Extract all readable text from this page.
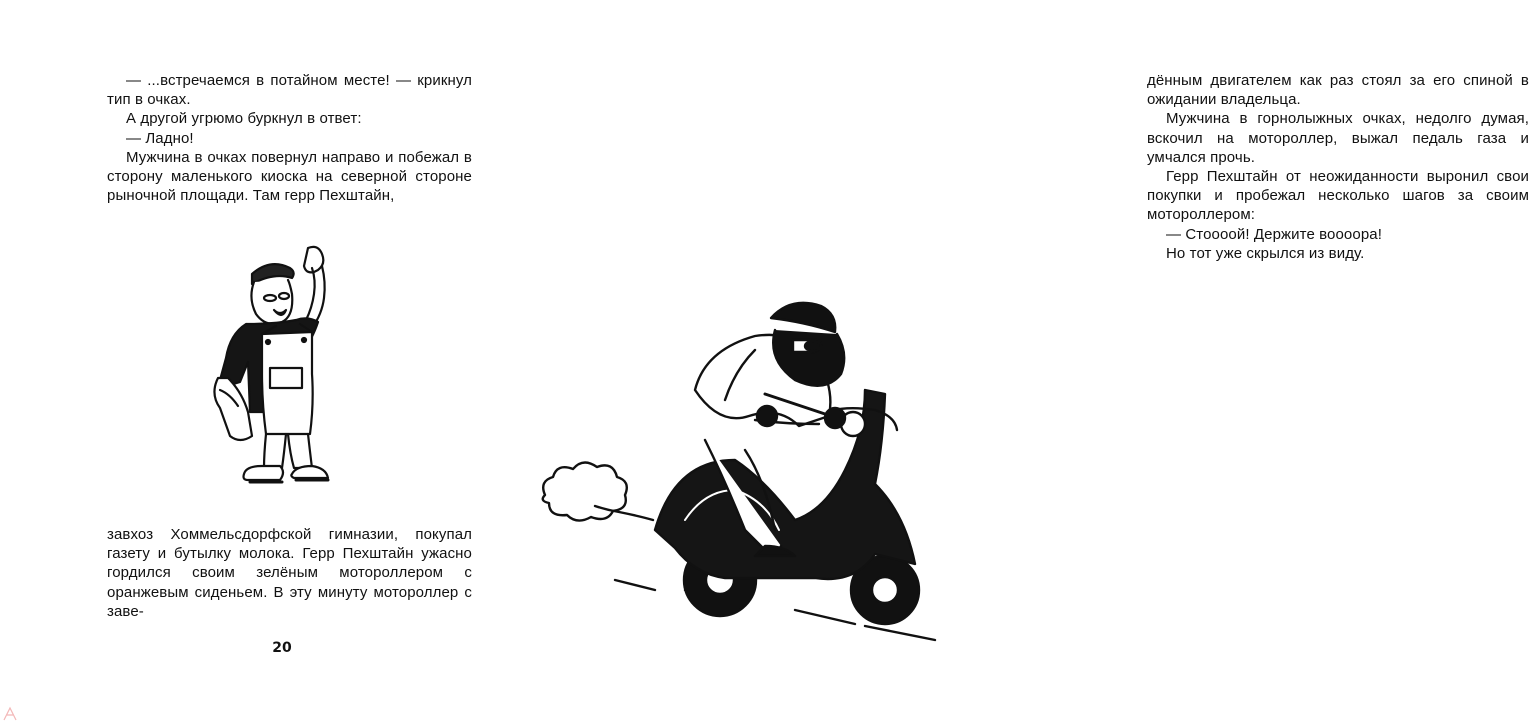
— ...встречаемся в потайном месте! — крикнул тип в очках.

А другой угрюмо буркнул в ответ:

— Ладно!

Мужчина в очках повернул направо и побежал в сторону маленького киоска на северной стороне рыночной площади. Там герр Пехштайн,

завхоз Хоммельсдорфской гимназии, покупал газету и бутылку молока. Герр Пехштайн ужасно гордился своим зелёным мотороллером с оранжевым сиденьем. В эту минуту мотороллер с заве-

20

дённым двигателем как раз стоял за его спиной в ожидании владельца.

Мужчина в горнолыжных очках, недолго думая, вскочил на мотороллер, выжал педаль газа и умчался прочь.

Герр Пехштайн от неожиданности выронил свои покупки и пробежал несколько шагов за своим мотороллером:

— Стоооой! Держите воооора!

Но тот уже скрылся из виду.
